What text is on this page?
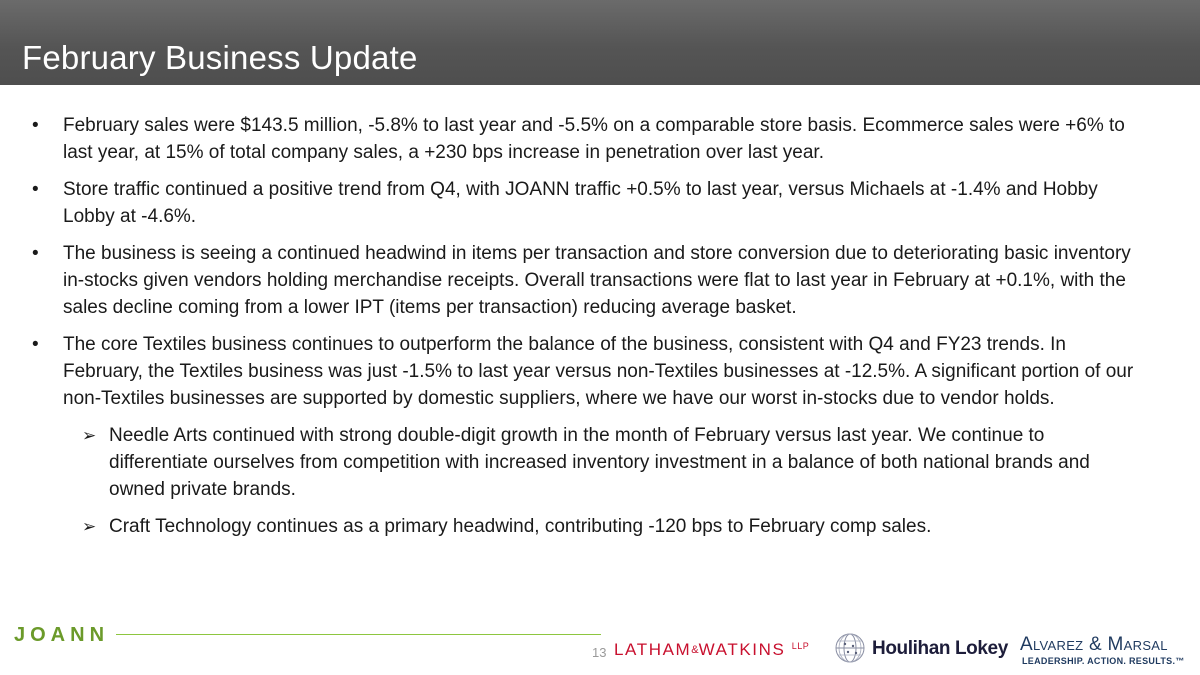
February Business Update
• February sales were $143.5 million, -5.8% to last year and -5.5% on a comparable store basis. Ecommerce sales were +6% to last year, at 15% of total company sales, a +230 bps increase in penetration over last year.
• Store traffic continued a positive trend from Q4, with JOANN traffic +0.5% to last year, versus Michaels at -1.4% and Hobby Lobby at -4.6%.
• The business is seeing a continued headwind in items per transaction and store conversion due to deteriorating basic inventory in-stocks given vendors holding merchandise receipts. Overall transactions were flat to last year in February at +0.1%, with the sales decline coming from a lower IPT (items per transaction) reducing average basket.
• The core Textiles business continues to outperform the balance of the business, consistent with Q4 and FY23 trends. In February, the Textiles business was just -1.5% to last year versus non-Textiles businesses at -12.5%. A significant portion of our non-Textiles businesses are supported by domestic suppliers, where we have our worst in-stocks due to vendor holds.
➢ Needle Arts continued with strong double-digit growth in the month of February versus last year. We continue to differentiate ourselves from competition with increased inventory investment in a balance of both national brands and owned private brands.
➢ Craft Technology continues as a primary headwind, contributing -120 bps to February comp sales.
JOANN
13 LATHAM&WATKINS $^{LLP}$	Houlihan Lokey Alvarez & Marsal
LEADERSHIP. ACTION. RESULTS.™
